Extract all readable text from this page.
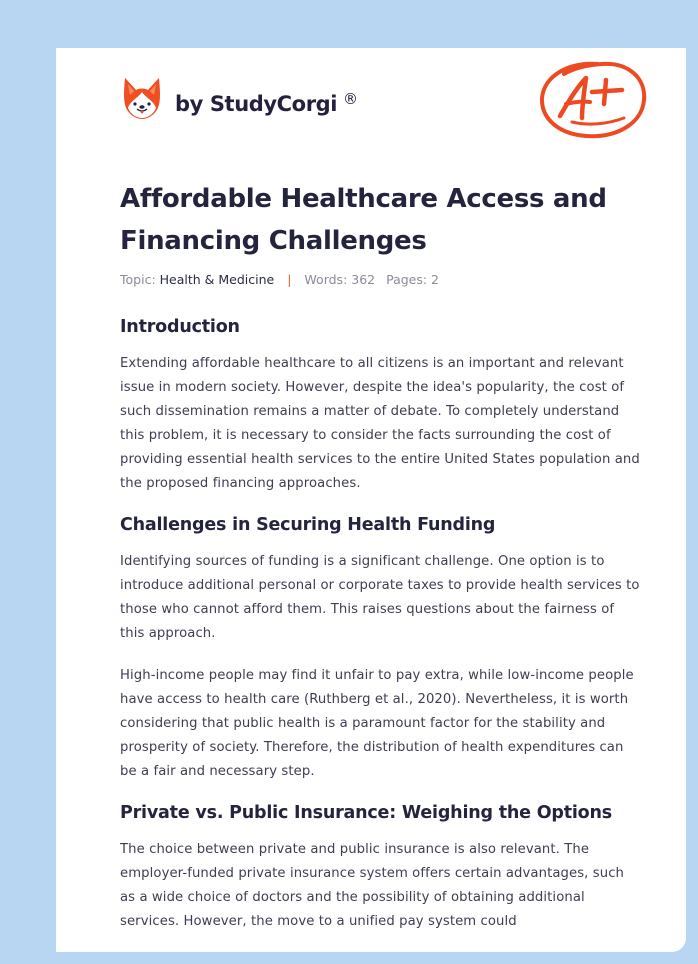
by StudyCorgi ®
Affordable Healthcare Access and Financing Challenges
Topic: Health & Medicine | Words: 362 Pages: 2
Introduction

Extending affordable healthcare to all citizens is an important and relevant issue in modern society. However, despite the idea's popularity, the cost of such dissemination remains a matter of debate. To completely understand this problem, it is necessary to consider the facts surrounding the cost of providing essential health services to the entire United States population and the proposed financing approaches.

Challenges in Securing Health Funding

Identifying sources of funding is a significant challenge. One option is to introduce additional personal or corporate taxes to provide health services to those who cannot afford them. This raises questions about the fairness of this approach.

High-income people may find it unfair to pay extra, while low-income people have access to health care (Ruthberg et al., 2020). Nevertheless, it is worth considering that public health is a paramount factor for the stability and prosperity of society. Therefore, the distribution of health expenditures can be a fair and necessary step.

Private vs. Public Insurance: Weighing the Options

The choice between private and public insurance is also relevant. The employer-funded private insurance system offers certain advantages, such as a wide choice of doctors and the possibility of obtaining additional services. However, the move to a unified pay system could
